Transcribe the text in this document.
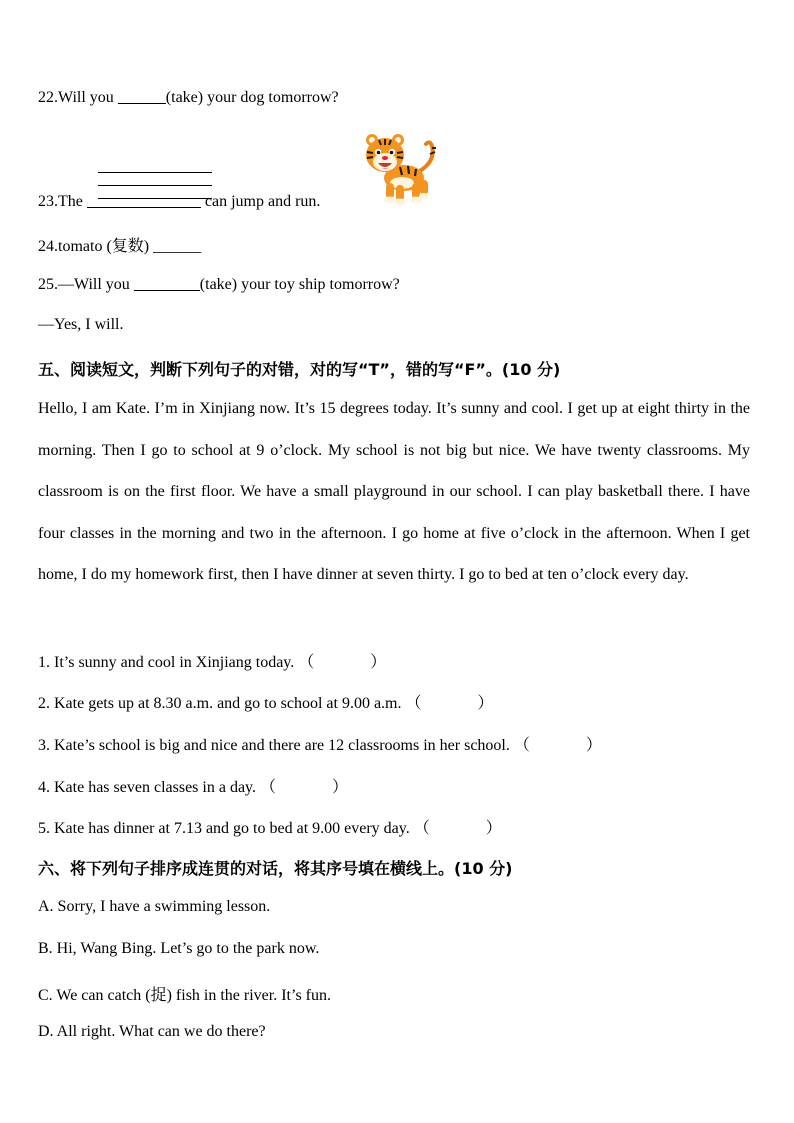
22.Will you	(take) your dog tomorrow?
23.The	can jump and run.
24.tomato (复数) ______
25.—Will you	(take) your toy ship tomorrow?
—Yes, I will.
五、阅读短文，判断下列句子的对错，对的写“T”，错的写“F”。(10 分)
Hello, I am Kate. I’m in Xinjiang now. It’s 15 degrees today. It’s sunny and cool. I get up at eight thirty in the morning. Then I go to school at 9 o’clock. My school is not big but nice. We have twenty classrooms. My classroom is on the first floor. We have a small playground in our school. I can play basketball there. I have four classes in the morning and two in the afternoon. I go home at five o’clock in the afternoon. When I get home, I do my homework first, then I have dinner at seven thirty. I go to bed at ten o’clock every day.
1. It’s sunny and cool in Xinjiang today. （	）
2. Kate gets up at 8.30 a.m. and go to school at 9.00 a.m. （	）
3. Kate’s school is big and nice and there are 12 classrooms in her school. （	）
4. Kate has seven classes in a day. （	）
5. Kate has dinner at 7.13 and go to bed at 9.00 every day. （	）
六、将下列句子排序成连贯的对话，将其序号填在横线上。(10 分)
A. Sorry, I have a swimming lesson.
B. Hi, Wang Bing. Let’s go to the park now.
C. We can catch (捉) fish in the river. It’s fun.
D. All right. What can we do there?
